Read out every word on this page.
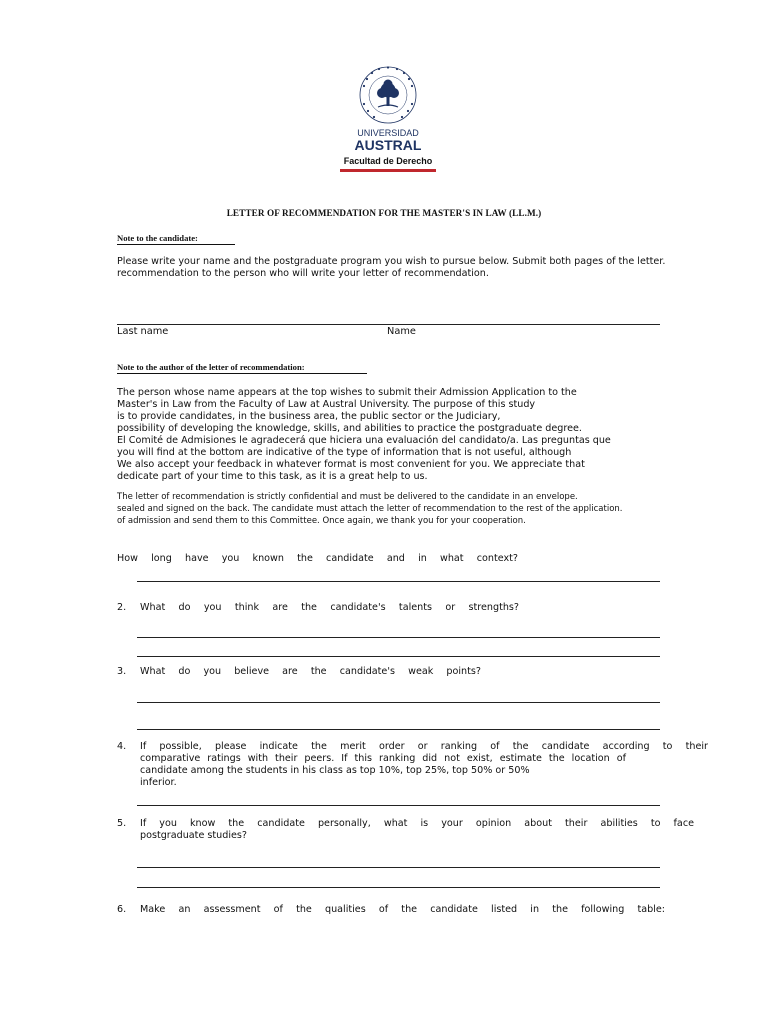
UNIVERSIDAD
AUSTRAL
Facultad de Derecho
LETTER OF RECOMMENDATION FOR THE MASTER'S IN LAW (LL.M.)
Note to the candidate:
Please write your name and the postgraduate program you wish to pursue below. Submit both pages of the letter.
recommendation to the person who will write your letter of recommendation.
Last name	Name
Note to the author of the letter of recommendation:
The person whose name appears at the top wishes to submit their Admission Application to the
Master's in Law from the Faculty of Law at Austral University. The purpose of this study
is to provide candidates, in the business area, the public sector or the Judiciary,
possibility of developing the knowledge, skills, and abilities to practice the postgraduate degree.
El Comité de Admisiones le agradecerá que hiciera una evaluación del candidato/a. Las preguntas que
you will find at the bottom are indicative of the type of information that is not useful, although
We also accept your feedback in whatever format is most convenient for you. We appreciate that
dedicate part of your time to this task, as it is a great help to us.
The letter of recommendation is strictly confidential and must be delivered to the candidate in an envelope.
sealed and signed on the back. The candidate must attach the letter of recommendation to the rest of the application.
of admission and send them to this Committee. Once again, we thank you for your cooperation.
How long have you known the candidate and in what context?
2. What do you think are the candidate's talents or strengths?
3. What do you believe are the candidate's weak points?
4. If possible, please indicate the merit order or ranking of the candidate according to their
comparative ratings with their peers. If this ranking did not exist, estimate the location of
candidate among the students in his class as top 10%, top 25%, top 50% or 50%
inferior.
5. If you know the candidate personally, what is your opinion about their abilities to face
postgraduate studies?
6. Make an assessment of the qualities of the candidate listed in the following table:
